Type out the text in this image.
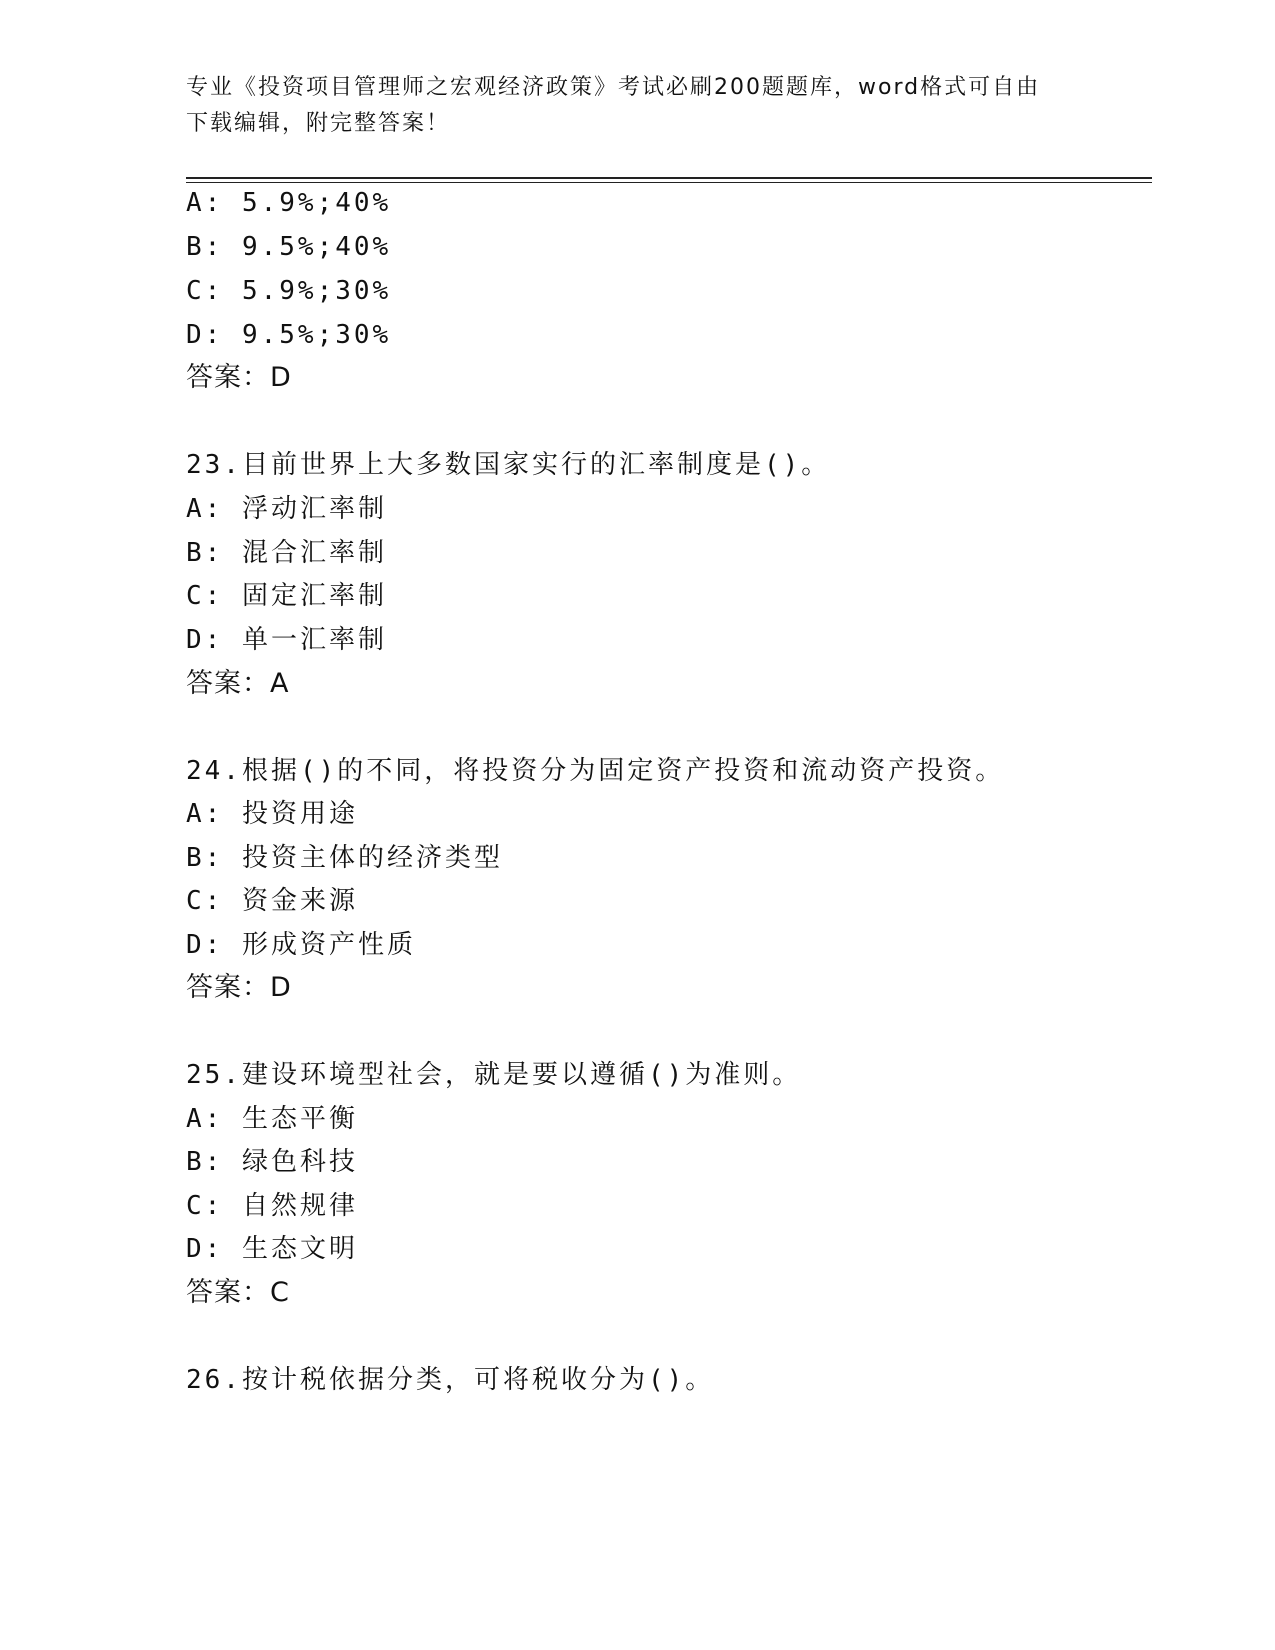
专业《投资项目管理师之宏观经济政策》考试必刷200题题库，word格式可自由
下载编辑，附完整答案！
A: 5.9%;40%
B: 9.5%;40%
C: 5.9%;30%
D: 9.5%;30%
答案：D
23.目前世界上大多数国家实行的汇率制度是()。
A: 浮动汇率制
B: 混合汇率制
C: 固定汇率制
D: 单一汇率制
答案：A
24.根据()的不同，将投资分为固定资产投资和流动资产投资。
A: 投资用途
B: 投资主体的经济类型
C: 资金来源
D: 形成资产性质
答案：D
25.建设环境型社会，就是要以遵循()为准则。
A: 生态平衡
B: 绿色科技
C: 自然规律
D: 生态文明
答案：C
26.按计税依据分类，可将税收分为()。
